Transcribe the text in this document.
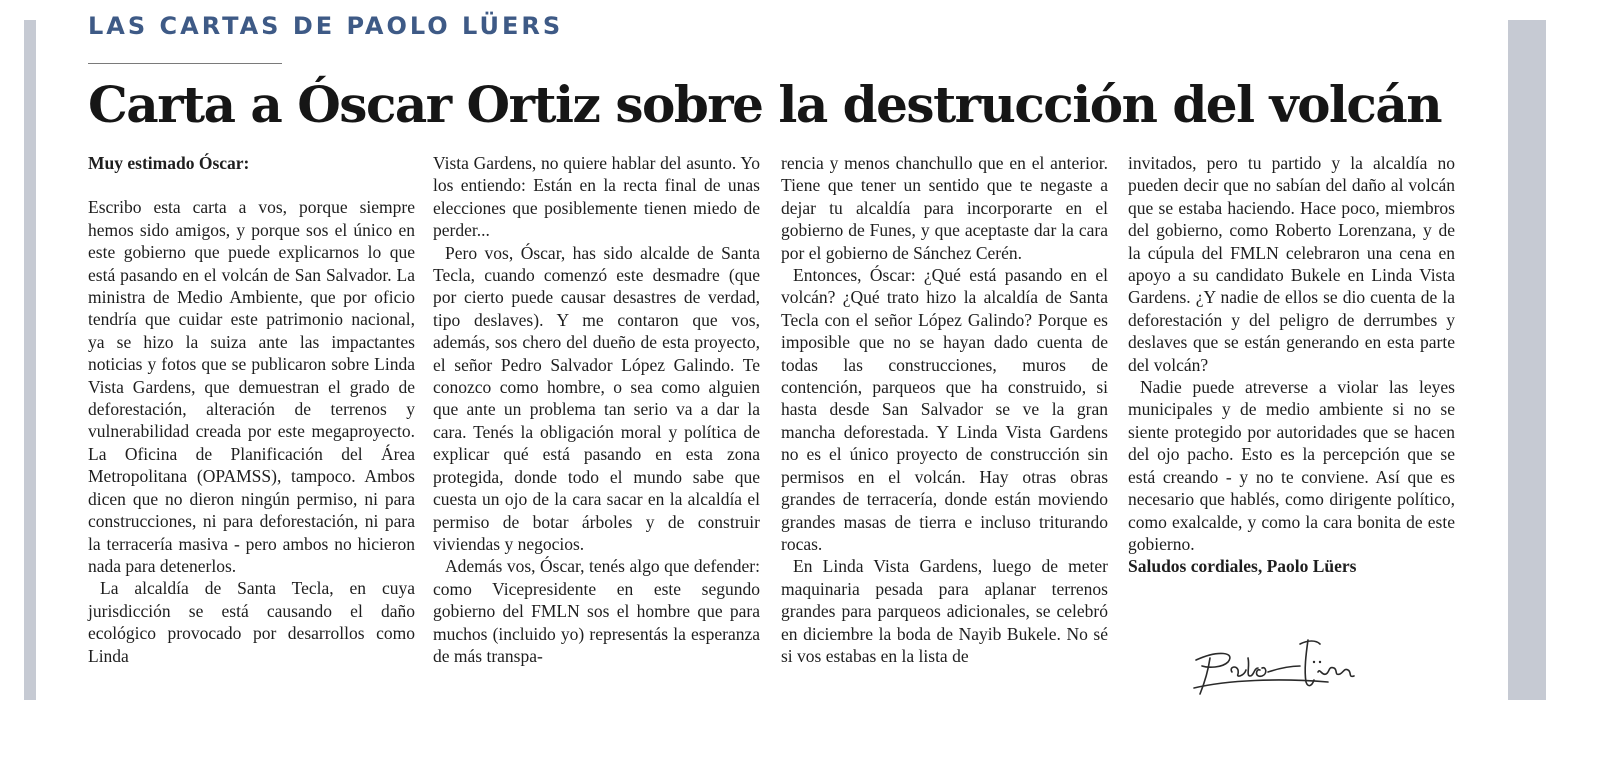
LAS CARTAS DE PAOLO LÜERS
Carta a Óscar Ortiz sobre la destrucción del volcán

Muy estimado Óscar:

Escribo esta carta a vos, porque siempre hemos sido amigos, y porque sos el único en este gobierno que puede explicarnos lo que está pasando en el volcán de San Salvador. La ministra de Medio Ambiente, que por oficio tendría que cuidar este patrimonio nacional, ya se hizo la suiza ante las impactantes noticias y fotos que se publicaron sobre Linda Vista Gardens, que demuestran el grado de deforestación, alteración de terrenos y vulnerabilidad creada por este megaproyecto. La Oficina de Planificación del Área Metropolitana (OPAMSS), tampoco. Ambos dicen que no dieron ningún permiso, ni para construcciones, ni para deforestación, ni para la terracería masiva - pero ambos no hicieron nada para detenerlos.

La alcaldía de Santa Tecla, en cuya jurisdicción se está causando el daño ecológico provocado por desarrollos como Linda

Vista Gardens, no quiere hablar del asunto. Yo los entiendo: Están en la recta final de unas elecciones que posiblemente tienen miedo de perder...

Pero vos, Óscar, has sido alcalde de Santa Tecla, cuando comenzó este desmadre (que por cierto puede causar desastres de verdad, tipo deslaves). Y me contaron que vos, además, sos chero del dueño de esta proyecto, el señor Pedro Salvador López Galindo. Te conozco como hombre, o sea como alguien que ante un problema tan serio va a dar la cara. Tenés la obligación moral y política de explicar qué está pasando en esta zona protegida, donde todo el mundo sabe que cuesta un ojo de la cara sacar en la alcaldía el permiso de botar árboles y de construir viviendas y negocios.

Además vos, Óscar, tenés algo que defender: como Vicepresidente en este segundo gobierno del FMLN sos el hombre que para muchos (incluido yo) representás la esperanza de más transpa-

rencia y menos chanchullo que en el anterior. Tiene que tener un sentido que te negaste a dejar tu alcaldía para incorporarte en el gobierno de Funes, y que aceptaste dar la cara por el gobierno de Sánchez Cerén.

Entonces, Óscar: ¿Qué está pasando en el volcán? ¿Qué trato hizo la alcaldía de Santa Tecla con el señor López Galindo? Porque es imposible que no se hayan dado cuenta de todas las construcciones, muros de contención, parqueos que ha construido, si hasta desde San Salvador se ve la gran mancha deforestada. Y Linda Vista Gardens no es el único proyecto de construcción sin permisos en el volcán. Hay otras obras grandes de terracería, donde están moviendo grandes masas de tierra e incluso triturando rocas.

En Linda Vista Gardens, luego de meter maquinaria pesada para aplanar terrenos grandes para parqueos adicionales, se celebró en diciembre la boda de Nayib Bukele. No sé si vos estabas en la lista de

invitados, pero tu partido y la alcaldía no pueden decir que no sabían del daño al volcán que se estaba haciendo. Hace poco, miembros del gobierno, como Roberto Lorenzana, y de la cúpula del FMLN celebraron una cena en apoyo a su candidato Bukele en Linda Vista Gardens. ¿Y nadie de ellos se dio cuenta de la deforestación y del peligro de derrumbes y deslaves que se están generando en esta parte del volcán?

Nadie puede atreverse a violar las leyes municipales y de medio ambiente si no se siente protegido por autoridades que se hacen del ojo pacho. Esto es la percepción que se está creando - y no te conviene. Así que es necesario que hablés, como dirigente político, como exalcalde, y como la cara bonita de este gobierno.

Saludos cordiales, Paolo Lüers
